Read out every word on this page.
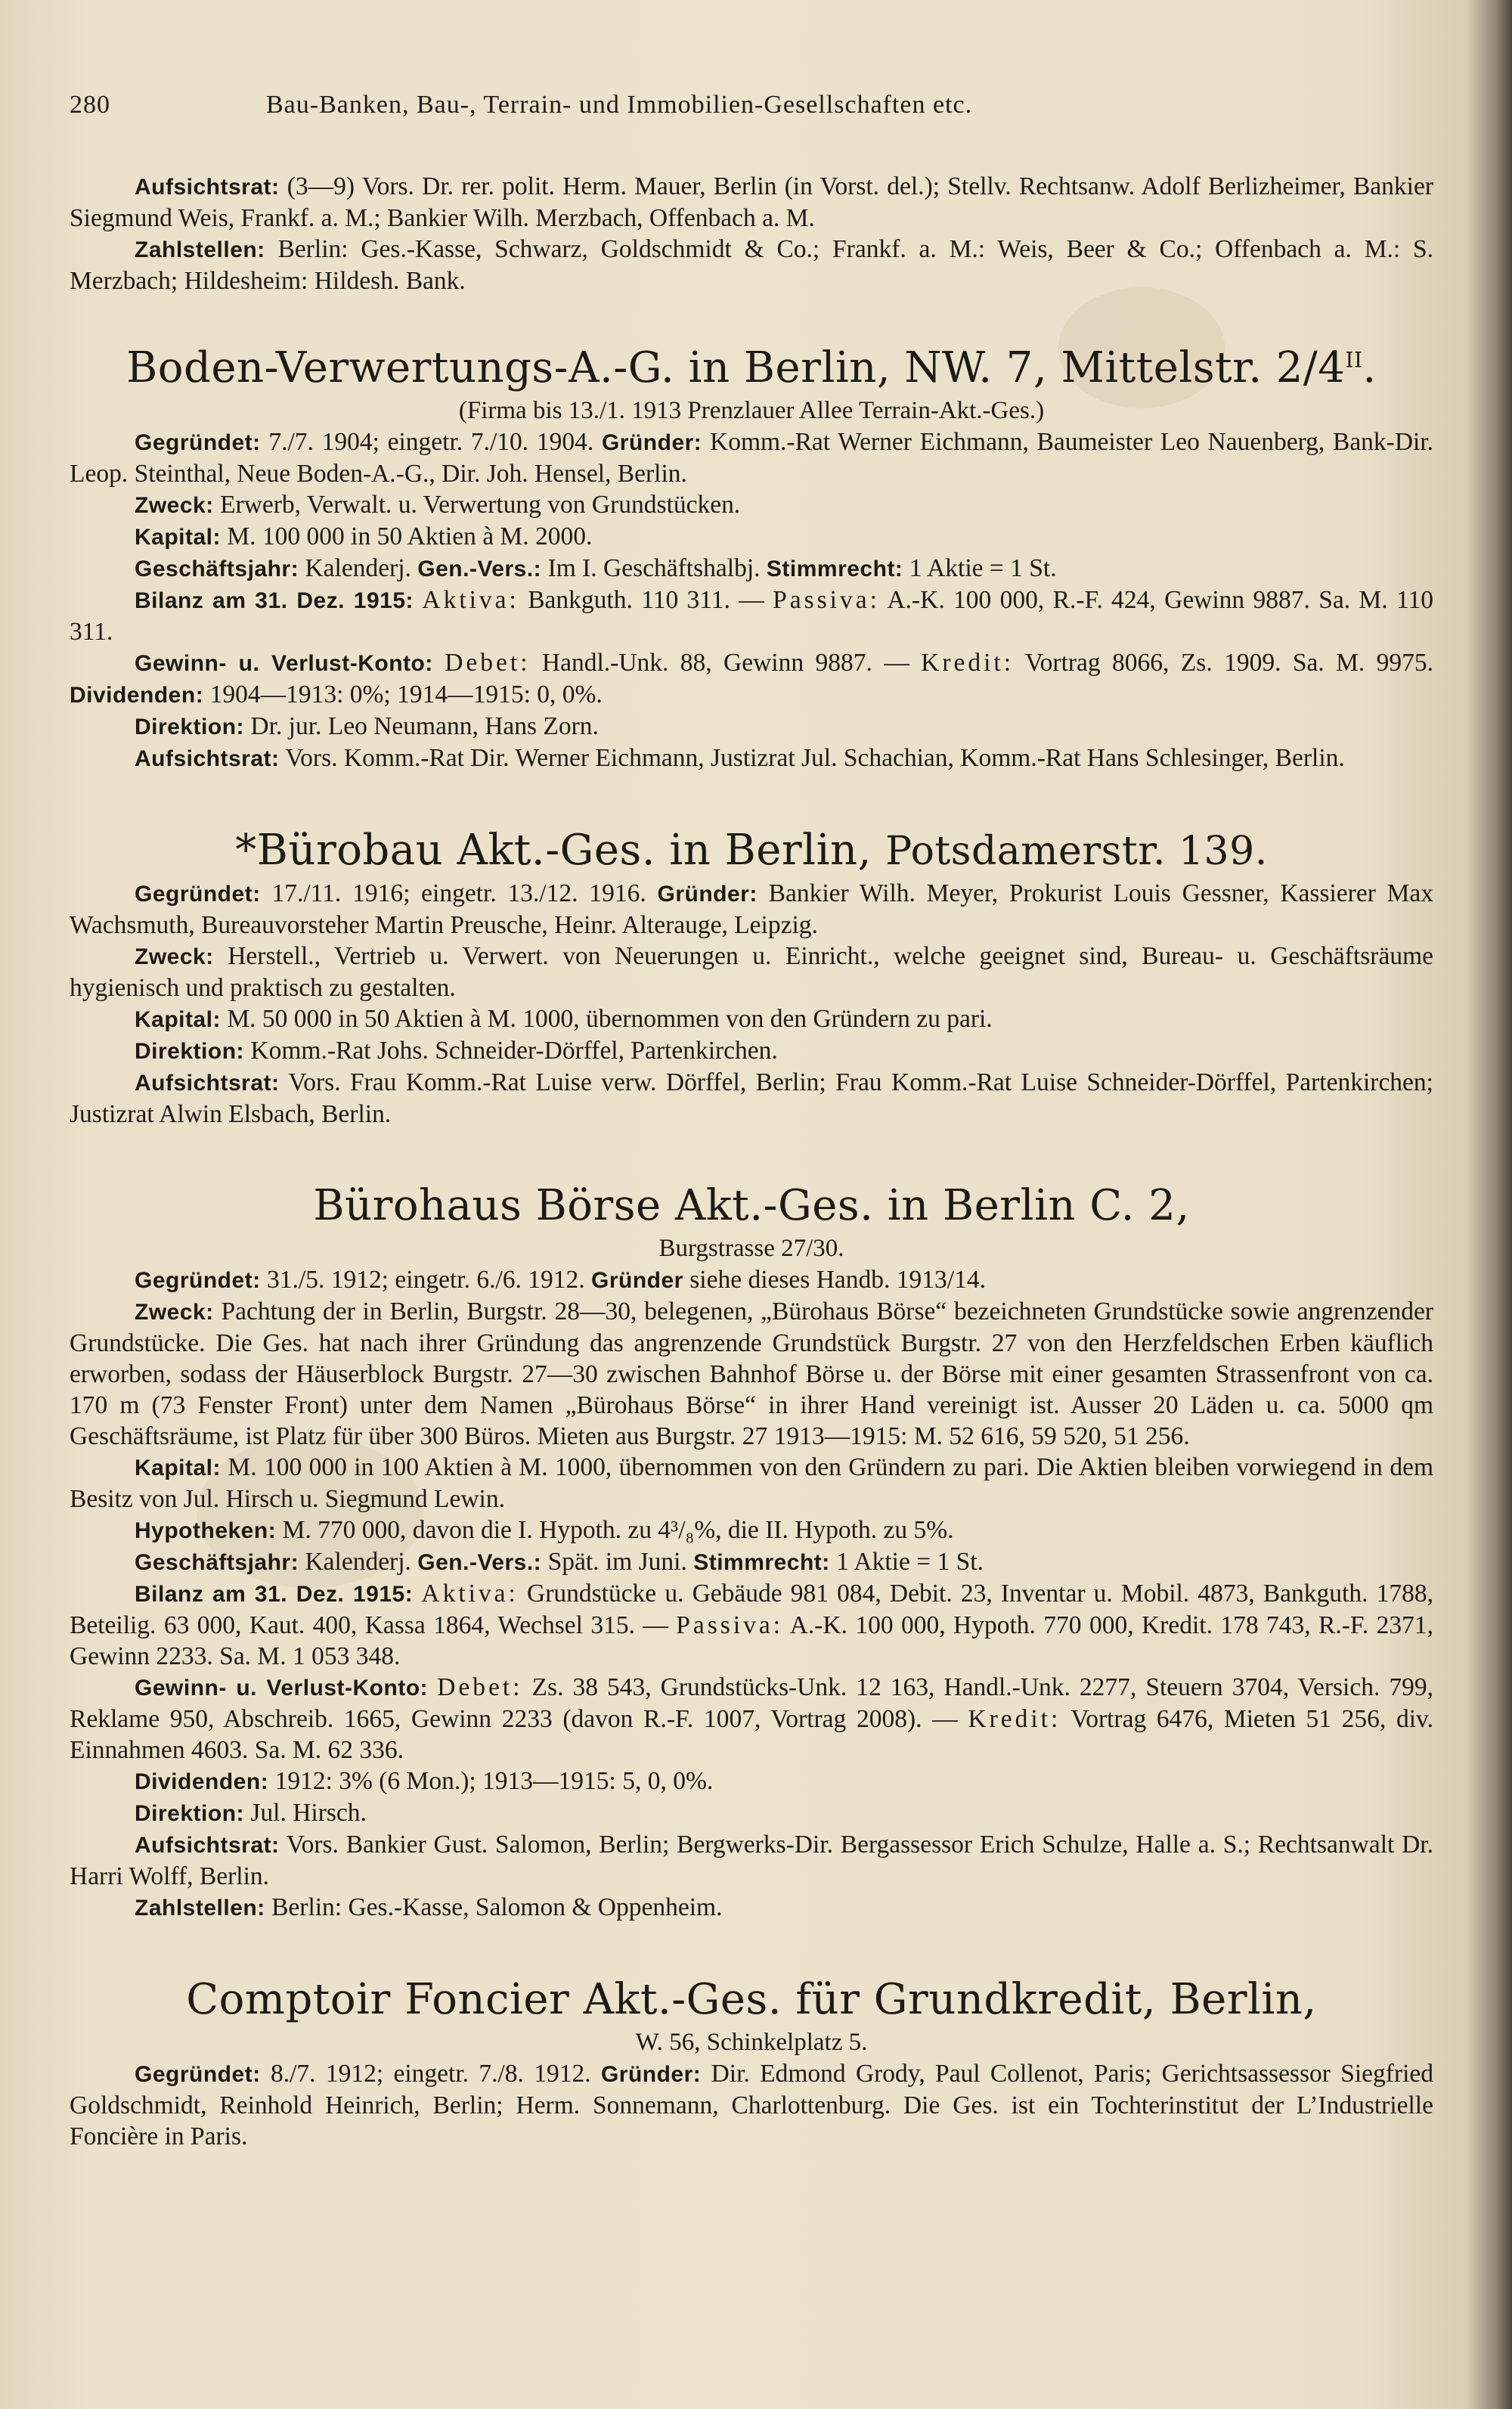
280	Bau-Banken, Bau-, Terrain- und Immobilien-Gesellschaften etc.

Aufsichtsrat: (3—9) Vors. Dr. rer. polit. Herm. Mauer, Berlin (in Vorst. del.); Stellv. Rechtsanw. Adolf Berlizheimer, Bankier Siegmund Weis, Frankf. a. M.; Bankier Wilh. Merzbach, Offenbach a. M.

Zahlstellen: Berlin: Ges.-Kasse, Schwarz, Goldschmidt & Co.; Frankf. a. M.: Weis, Beer & Co.; Offenbach a. M.: S. Merzbach; Hildesheim: Hildesh. Bank.

Boden-Verwertungs-A.-G. in Berlin, NW. 7, Mittelstr. $2/4^{II}$.

(Firma bis 13./1. 1913 Prenzlauer Allee Terrain-Akt.-Ges.)

Gegründet: 7./7. 1904; eingetr. 7./10. 1904. Gründer: Komm.-Rat Werner Eichmann, Baumeister Leo Nauenberg, Bank-Dir. Leop. Steinthal, Neue Boden-A.-G., Dir. Joh. Hensel, Berlin.

Zweck: Erwerb, Verwalt. u. Verwertung von Grundstücken.

Kapital: M. 100 000 in 50 Aktien à M. 2000.

Geschäftsjahr: Kalenderj. Gen.-Vers.: Im I. Geschäftshalbj. Stimmrecht: 1 Aktie = 1 St.

Bilanz am 31. Dez. 1915: Aktiva: Bankguth. 110 311. — Passiva: A.-K. 100 000, R.-F. 424, Gewinn 9887. Sa. M. 110 311.

Gewinn- u. Verlust-Konto: Debet: Handl.-Unk. 88, Gewinn 9887. — Kredit: Vortrag 8066, Zs. 1909. Sa. M. 9975. Dividenden: 1904—1913: 0%; 1914—1915: 0, 0%.

Direktion: Dr. jur. Leo Neumann, Hans Zorn.

Aufsichtsrat: Vors. Komm.-Rat Dir. Werner Eichmann, Justizrat Jul. Schachian, Komm.-Rat Hans Schlesinger, Berlin.

*Bürobau Akt.-Ges. in Berlin, Potsdamerstr. 139.

Gegründet: 17./11. 1916; eingetr. 13./12. 1916. Gründer: Bankier Wilh. Meyer, Prokurist Louis Gessner, Kassierer Max Wachsmuth, Bureauvorsteher Martin Preusche, Heinr. Alterauge, Leipzig.

Zweck: Herstell., Vertrieb u. Verwert. von Neuerungen u. Einricht., welche geeignet sind, Bureau- u. Geschäftsräume hygienisch und praktisch zu gestalten.

Kapital: M. 50 000 in 50 Aktien à M. 1000, übernommen von den Gründern zu pari.

Direktion: Komm.-Rat Johs. Schneider-Dörffel, Partenkirchen.

Aufsichtsrat: Vors. Frau Komm.-Rat Luise verw. Dörffel, Berlin; Frau Komm.-Rat Luise Schneider-Dörffel, Partenkirchen; Justizrat Alwin Elsbach, Berlin.

Bürohaus Börse Akt.-Ges. in Berlin C. 2,

Burgstrasse 27/30.

Gegründet: 31./5. 1912; eingetr. 6./6. 1912. Gründer siehe dieses Handb. 1913/14.

Zweck: Pachtung der in Berlin, Burgstr. 28—30, belegenen, „Bürohaus Börse“ bezeichneten Grundstücke sowie angrenzender Grundstücke. Die Ges. hat nach ihrer Gründung das angrenzende Grundstück Burgstr. 27 von den Herzfeldschen Erben käuflich erworben, sodass der Häuserblock Burgstr. 27—30 zwischen Bahnhof Börse u. der Börse mit einer gesamten Strassenfront von ca. 170 m (73 Fenster Front) unter dem Namen „Bürohaus Börse“ in ihrer Hand vereinigt ist. Ausser 20 Läden u. ca. 5000 qm Geschäftsräume, ist Platz für über 300 Büros. Mieten aus Burgstr. 27 1913—1915: M. 52 616, 59 520, 51 256.

Kapital: M. 100 000 in 100 Aktien à M. 1000, übernommen von den Gründern zu pari. Die Aktien bleiben vorwiegend in dem Besitz von Jul. Hirsch u. Siegmund Lewin.

Hypotheken: M. 770 000, davon die I. Hypoth. zu 4³/₈%, die II. Hypoth. zu 5%.

Geschäftsjahr: Kalenderj. Gen.-Vers.: Spät. im Juni. Stimmrecht: 1 Aktie = 1 St.

Bilanz am 31. Dez. 1915: Aktiva: Grundstücke u. Gebäude 981 084, Debit. 23, Inventar u. Mobil. 4873, Bankguth. 1788, Beteilig. 63 000, Kaut. 400, Kassa 1864, Wechsel 315. — Passiva: A.-K. 100 000, Hypoth. 770 000, Kredit. 178 743, R.-F. 2371, Gewinn 2233. Sa. M. 1 053 348.

Gewinn- u. Verlust-Konto: Debet: Zs. 38 543, Grundstücks-Unk. 12 163, Handl.-Unk. 2277, Steuern 3704, Versich. 799, Reklame 950, Abschreib. 1665, Gewinn 2233 (davon R.-F. 1007, Vortrag 2008). — Kredit: Vortrag 6476, Mieten 51 256, div. Einnahmen 4603. Sa. M. 62 336.

Dividenden: 1912: 3% (6 Mon.); 1913—1915: 5, 0, 0%.

Direktion: Jul. Hirsch.

Aufsichtsrat: Vors. Bankier Gust. Salomon, Berlin; Bergwerks-Dir. Bergassessor Erich Schulze, Halle a. S.; Rechtsanwalt Dr. Harri Wolff, Berlin.

Zahlstellen: Berlin: Ges.-Kasse, Salomon & Oppenheim.

Comptoir Foncier Akt.-Ges. für Grundkredit, Berlin,

W. 56, Schinkelplatz 5.

Gegründet: 8./7. 1912; eingetr. 7./8. 1912. Gründer: Dir. Edmond Grody, Paul Collenot, Paris; Gerichtsassessor Siegfried Goldschmidt, Reinhold Heinrich, Berlin; Herm. Sonnemann, Charlottenburg. Die Ges. ist ein Tochterinstitut der L’Industrielle Foncière in Paris.
